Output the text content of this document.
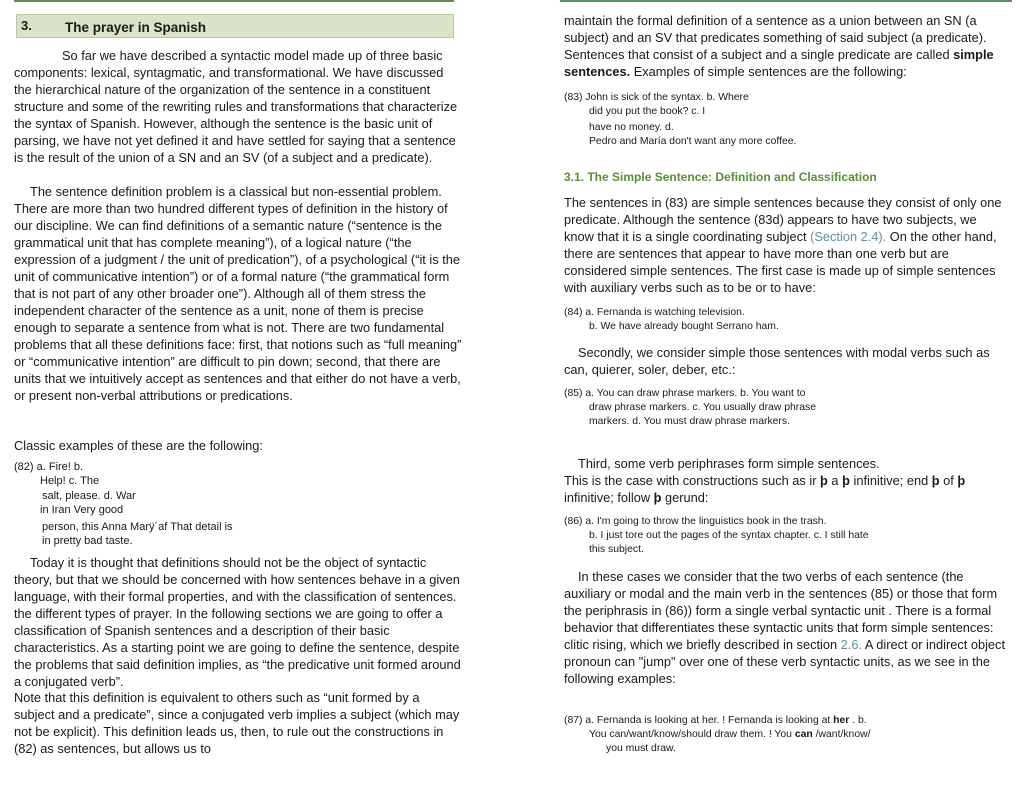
3. The prayer in Spanish

So far we have described a syntactic model made up of three basic components: lexical, syntagmatic, and transformational. We have discussed the hierarchical nature of the organization of the sentence in a constituent structure and some of the rewriting rules and transformations that characterize the syntax of Spanish. However, although the sentence is the basic unit of parsing, we have not yet defined it and have settled for saying that a sentence is the result of the union of a SN and an SV (of a subject and a predicate).

The sentence definition problem is a classical but non-essential problem. There are more than two hundred different types of definition in the history of our discipline. We can find definitions of a semantic nature (“sentence is the grammatical unit that has complete meaning”), of a logical nature (“the expression of a judgment / the unit of predication”), of a psychological (“it is the unit of communicative intention”) or of a formal nature (“the grammatical form that is not part of any other broader one”). Although all of them stress the independent character of the sentence as a unit, none of them is precise enough to separate a sentence from what is not. There are two fundamental problems that all these definitions face: first, that notions such as “full meaning” or “communicative intention” are difficult to pin down; second, that there are units that we intuitively accept as sentences and that either do not have a verb, or present non-verbal attributions or predications.

Classic examples of these are the following:

(82) a. Fire! b.
Help! c. The
salt, please. d. War
in Iran Very good
person, this Anna Marÿ´af That detail is
in pretty bad taste.

Today it is thought that definitions should not be the object of syntactic theory, but that we should be concerned with how sentences behave in a given language, with their formal properties, and with the classification of sentences. the different types of prayer. In the following sections we are going to offer a classification of Spanish sentences and a description of their basic characteristics. As a starting point we are going to define the sentence, despite the problems that said definition implies, as “the predicative unit formed around a conjugated verb”.

Note that this definition is equivalent to others such as “unit formed by a subject and a predicate”, since a conjugated verb implies a subject (which may not be explicit). This definition leads us, then, to rule out the constructions in (82) as sentences, but allows us to

maintain the formal definition of a sentence as a union between an SN (a subject) and an SV that predicates something of said subject (a predicate). Sentences that consist of a subject and a single predicate are called simple sentences. Examples of simple sentences are the following:

(83) John is sick of the syntax. b. Where
did you put the book? c. I
have no money. d.
Pedro and María don't want any more coffee.
3.1. The Simple Sentence: Definition and Classification

The sentences in (83) are simple sentences because they consist of only one predicate. Although the sentence (83d) appears to have two subjects, we know that it is a single coordinating subject (Section 2.4). On the other hand, there are sentences that appear to have more than one verb but are considered simple sentences. The first case is made up of simple sentences with auxiliary verbs such as to be or to have:

(84) a. Fernanda is watching television.
b. We have already bought Serrano ham.

Secondly, we consider simple those sentences with modal verbs such as can, quierer, soler, deber, etc.:

(85) a. You can draw phrase markers. b. You want to
draw phrase markers. c. You usually draw phrase
markers. d. You must draw phrase markers.

Third, some verb periphrases form simple sentences.
This is the case with constructions such as ir þ a þ infinitive; end þ of þ
infinitive; follow þ gerund:

(86) a. I'm going to throw the linguistics book in the trash.
b. I just tore out the pages of the syntax chapter. c. I still hate
this subject.

In these cases we consider that the two verbs of each sentence (the auxiliary or modal and the main verb in the sentences (85) or those that form the periphrasis in (86)) form a single verbal syntactic unit . There is a formal behavior that differentiates these syntactic units that form simple sentences: clitic rising, which we briefly described in section 2.6. A direct or indirect object pronoun can "jump" over one of these verb syntactic units, as we see in the following examples:

(87) a. Fernanda is looking at her. ! Fernanda is looking at her . b.
You can/want/know/should draw them. ! You can /want/know/
you must draw.
